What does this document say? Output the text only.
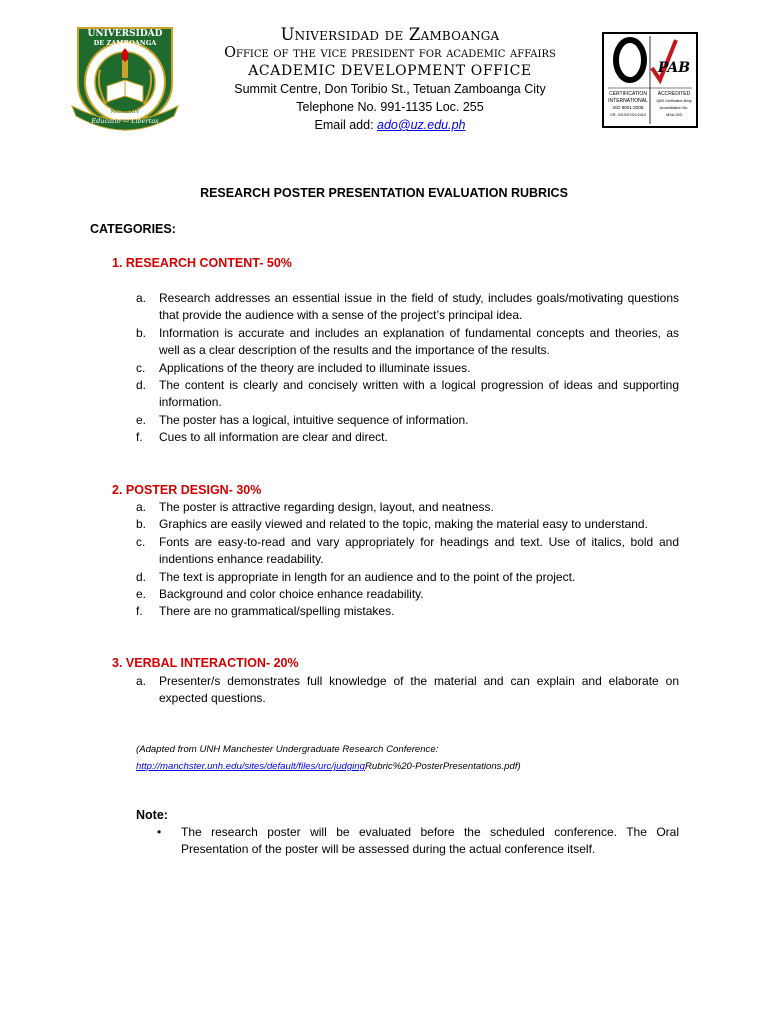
UNIVERSIDAD
DE ZAMBOANGA
MCMLXIV
Educatio — Libertas
Universidad de Zamboanga
Office of the vice president for academic affairs
ACADEMIC DEVELOPMENT OFFICE
Summit Centre, Don Toribio St., Tetuan Zamboanga City
Telephone No. 991-1135 Loc. 255
Email add: ado@uz.edu.ph
PAB
CERTIFICATION
INTERNATIONAL
ISO 9001:2008
CR: 2010/07/01/2410
ACCREDITED
QMS Certification Body
Accreditation No.
MSA-003
RESEARCH POSTER PRESENTATION EVALUATION RUBRICS
CATEGORIES:
1. RESEARCH CONTENT- 50%
a. Research addresses an essential issue in the field of study, includes goals/motivating questions that provide the audience with a sense of the project’s principal idea.
b. Information is accurate and includes an explanation of fundamental concepts and theories, as well as a clear description of the results and the importance of the results.
c. Applications of the theory are included to illuminate issues.
d. The content is clearly and concisely written with a logical progression of ideas and supporting information.
e. The poster has a logical, intuitive sequence of information.
f. Cues to all information are clear and direct.
2. POSTER DESIGN- 30%
a. The poster is attractive regarding design, layout, and neatness.
b. Graphics are easily viewed and related to the topic, making the material easy to understand.
c. Fonts are easy-to-read and vary appropriately for headings and text. Use of italics, bold and indentions enhance readability.
d. The text is appropriate in length for an audience and to the point of the project.
e. Background and color choice enhance readability.
f. There are no grammatical/spelling mistakes.
3. VERBAL INTERACTION- 20%
a. Presenter/s demonstrates full knowledge of the material and can explain and elaborate on expected questions.
(Adapted from UNH Manchester Undergraduate Research Conference:
http://manchster.unh.edu/sites/default/files/urc/judgingRubric%20-PosterPresentations.pdf)
Note:
• The research poster will be evaluated before the scheduled conference. The Oral Presentation of the poster will be assessed during the actual conference itself.
